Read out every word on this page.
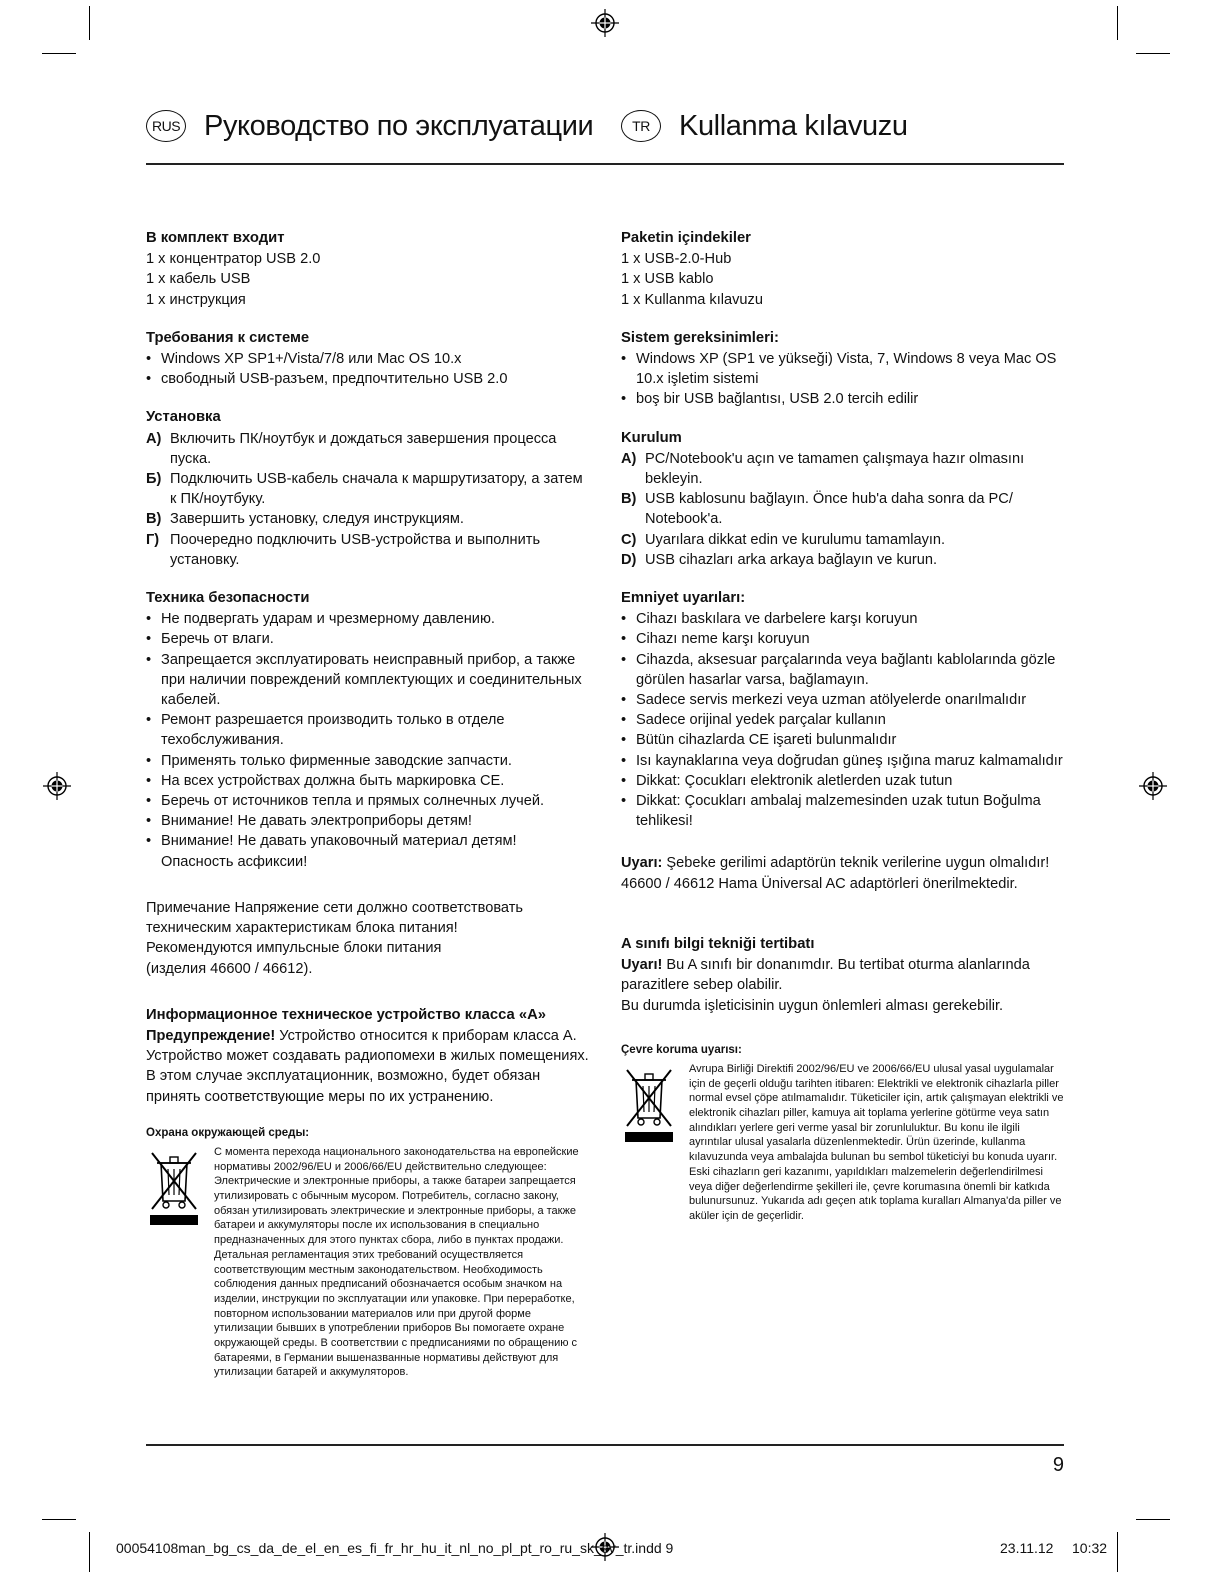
RUS Руководство по эксплуатации	TR	Kullanma kılavuzu
В комплект входит

1 x концентратор USB 2.0

1 x кабель USB

1 x инструкция

Требования к системе
• Windows XP SP1+/Vista/7/8 или Mac OS 10.x
• свободный USB-разъем, предпочтительно USB 2.0
Установка
А) Включить ПК/ноутбук и дождаться завершения процесса пуска.
Б) Подключить USB-кабель сначала к маршрутизатору, а затем к ПК/ноутбуку.
В) Завершить установку, следуя инструкциям.
Г) Поочередно подключить USB-устройства и выполнить установку.
Техника безопасности
• Не подвергать ударам и чрезмерному давлению.
• Беречь от влаги.
• Запрещается эксплуатировать неисправный прибор, а также при наличии повреждений комплектующих и соединительных кабелей.
• Ремонт разрешается производить только в отделе техобслуживания.
• Применять только фирменные заводские запчасти.
• На всех устройствах должна быть маркировка CE.
• Беречь от источников тепла и прямых солнечных лучей.
• Внимание! Не давать электроприборы детям!
• Внимание! Не давать упаковочный материал детям! Опасность асфиксии!

Примечание Напряжение сети должно соответствовать

техническим характеристикам блока питания!

Рекомендуются импульсные блоки питания

(изделия 46600 / 46612).

Информационное техническое устройство класса «А»

Предупреждение! Устройство относится к приборам класса А. Устройство может создавать радиопомехи в жилых помещениях.

В этом случае эксплуатационник, возможно, будет обязан принять соответствующие меры по их устранению.

Охрана окружающей среды:
С момента перехода национального законодательства на европейские нормативы 2002/96/EU и 2006/66/EU действительно следующее: Электрические и электронные приборы, а также батареи запрещается утилизировать с обычным мусором. Потребитель, согласно закону, обязан утилизировать электрические и электронные приборы, а также батареи и аккумуляторы после их использования в специально предназначенных для этого пунктах сбора, либо в пунктах продажи. Детальная регламентация этих требований осуществляется соответствующим местным законодательством. Необходимость соблюдения данных предписаний обозначается особым значком на изделии, инструкции по эксплуатации или упаковке. При переработке, повторном использовании материалов или при другой форме утилизации бывших в употреблении приборов Вы помогаете охране окружающей среды. В соответствии с предписаниями по обращению с батареями, в Германии вышеназванные нормативы действуют для утилизации батарей и аккумуляторов.
Paketin içindekiler

1 x USB-2.0-Hub

1 x USB kablo

1 x Kullanma kılavuzu

Sistem gereksinimleri:
• Windows XP (SP1 ve yükseği) Vista, 7, Windows 8 veya Mac OS 10.x işletim sistemi
• boş bir USB bağlantısı, USB 2.0 tercih edilir
Kurulum
A) PC/Notebook'u açın ve tamamen çalışmaya hazır olmasını bekleyin.
B) USB kablosunu bağlayın. Önce hub'a daha sonra da PC/ Notebook'a.
C) Uyarılara dikkat edin ve kurulumu tamamlayın.
D) USB cihazları arka arkaya bağlayın ve kurun.
Emniyet uyarıları:
• Cihazı baskılara ve darbelere karşı koruyun
• Cihazı neme karşı koruyun
• Cihazda, aksesuar parçalarında veya bağlantı kablolarında gözle görülen hasarlar varsa, bağlamayın.
• Sadece servis merkezi veya uzman atölyelerde onarılmalıdır
• Sadece orijinal yedek parçalar kullanın
• Bütün cihazlarda CE işareti bulunmalıdır
• Isı kaynaklarına veya doğrudan güneş ışığına maruz kalmamalıdır
• Dikkat: Çocukları elektronik aletlerden uzak tutun
• Dikkat: Çocukları ambalaj malzemesinden uzak tutun Boğulma tehlikesi!

Uyarı: Şebeke gerilimi adaptörün teknik verilerine uygun olmalıdır! 46600 / 46612 Hama Üniversal AC adaptörleri önerilmektedir.

A sınıfı bilgi tekniği tertibatı

Uyarı! Bu A sınıfı bir donanımdır. Bu tertibat oturma alanlarında parazitlere sebep olabilir.

Bu durumda işleticisinin uygun önlemleri alması gerekebilir.

Çevre koruma uyarısı:
Avrupa Birliği Direktifi 2002/96/EU ve 2006/66/EU ulusal yasal uygulamalar için de geçerli olduğu tarihten itibaren: Elektrikli ve elektronik cihazlarla piller normal evsel çöpe atılmamalıdır. Tüketiciler için, artık çalışmayan elektrikli ve elektronik cihazları piller, kamuya ait toplama yerlerine götürme veya satın alındıkları yerlere geri verme yasal bir zorunluluktur. Bu konu ile ilgili ayrıntılar ulusal yasalarla düzenlenmektedir. Ürün üzerinde, kullanma kılavuzunda veya ambalajda bulunan bu sembol tüketiciyi bu konuda uyarır. Eski cihazların geri kazanımı, yapıldıkları malzemelerin değerlendirilmesi veya diğer değerlendirme şekilleri ile, çevre korumasına önemli bir katkıda bulunursunuz. Yukarıda adı geçen atık toplama kuralları Almanya'da piller ve aküler için de geçerlidir.
9
00054108man_bg_cs_da_de_el_en_es_fi_fr_hr_hu_it_nl_no_pl_pt_ro_ru_sk_sv_tr.indd 9	23.11.12 10:32
